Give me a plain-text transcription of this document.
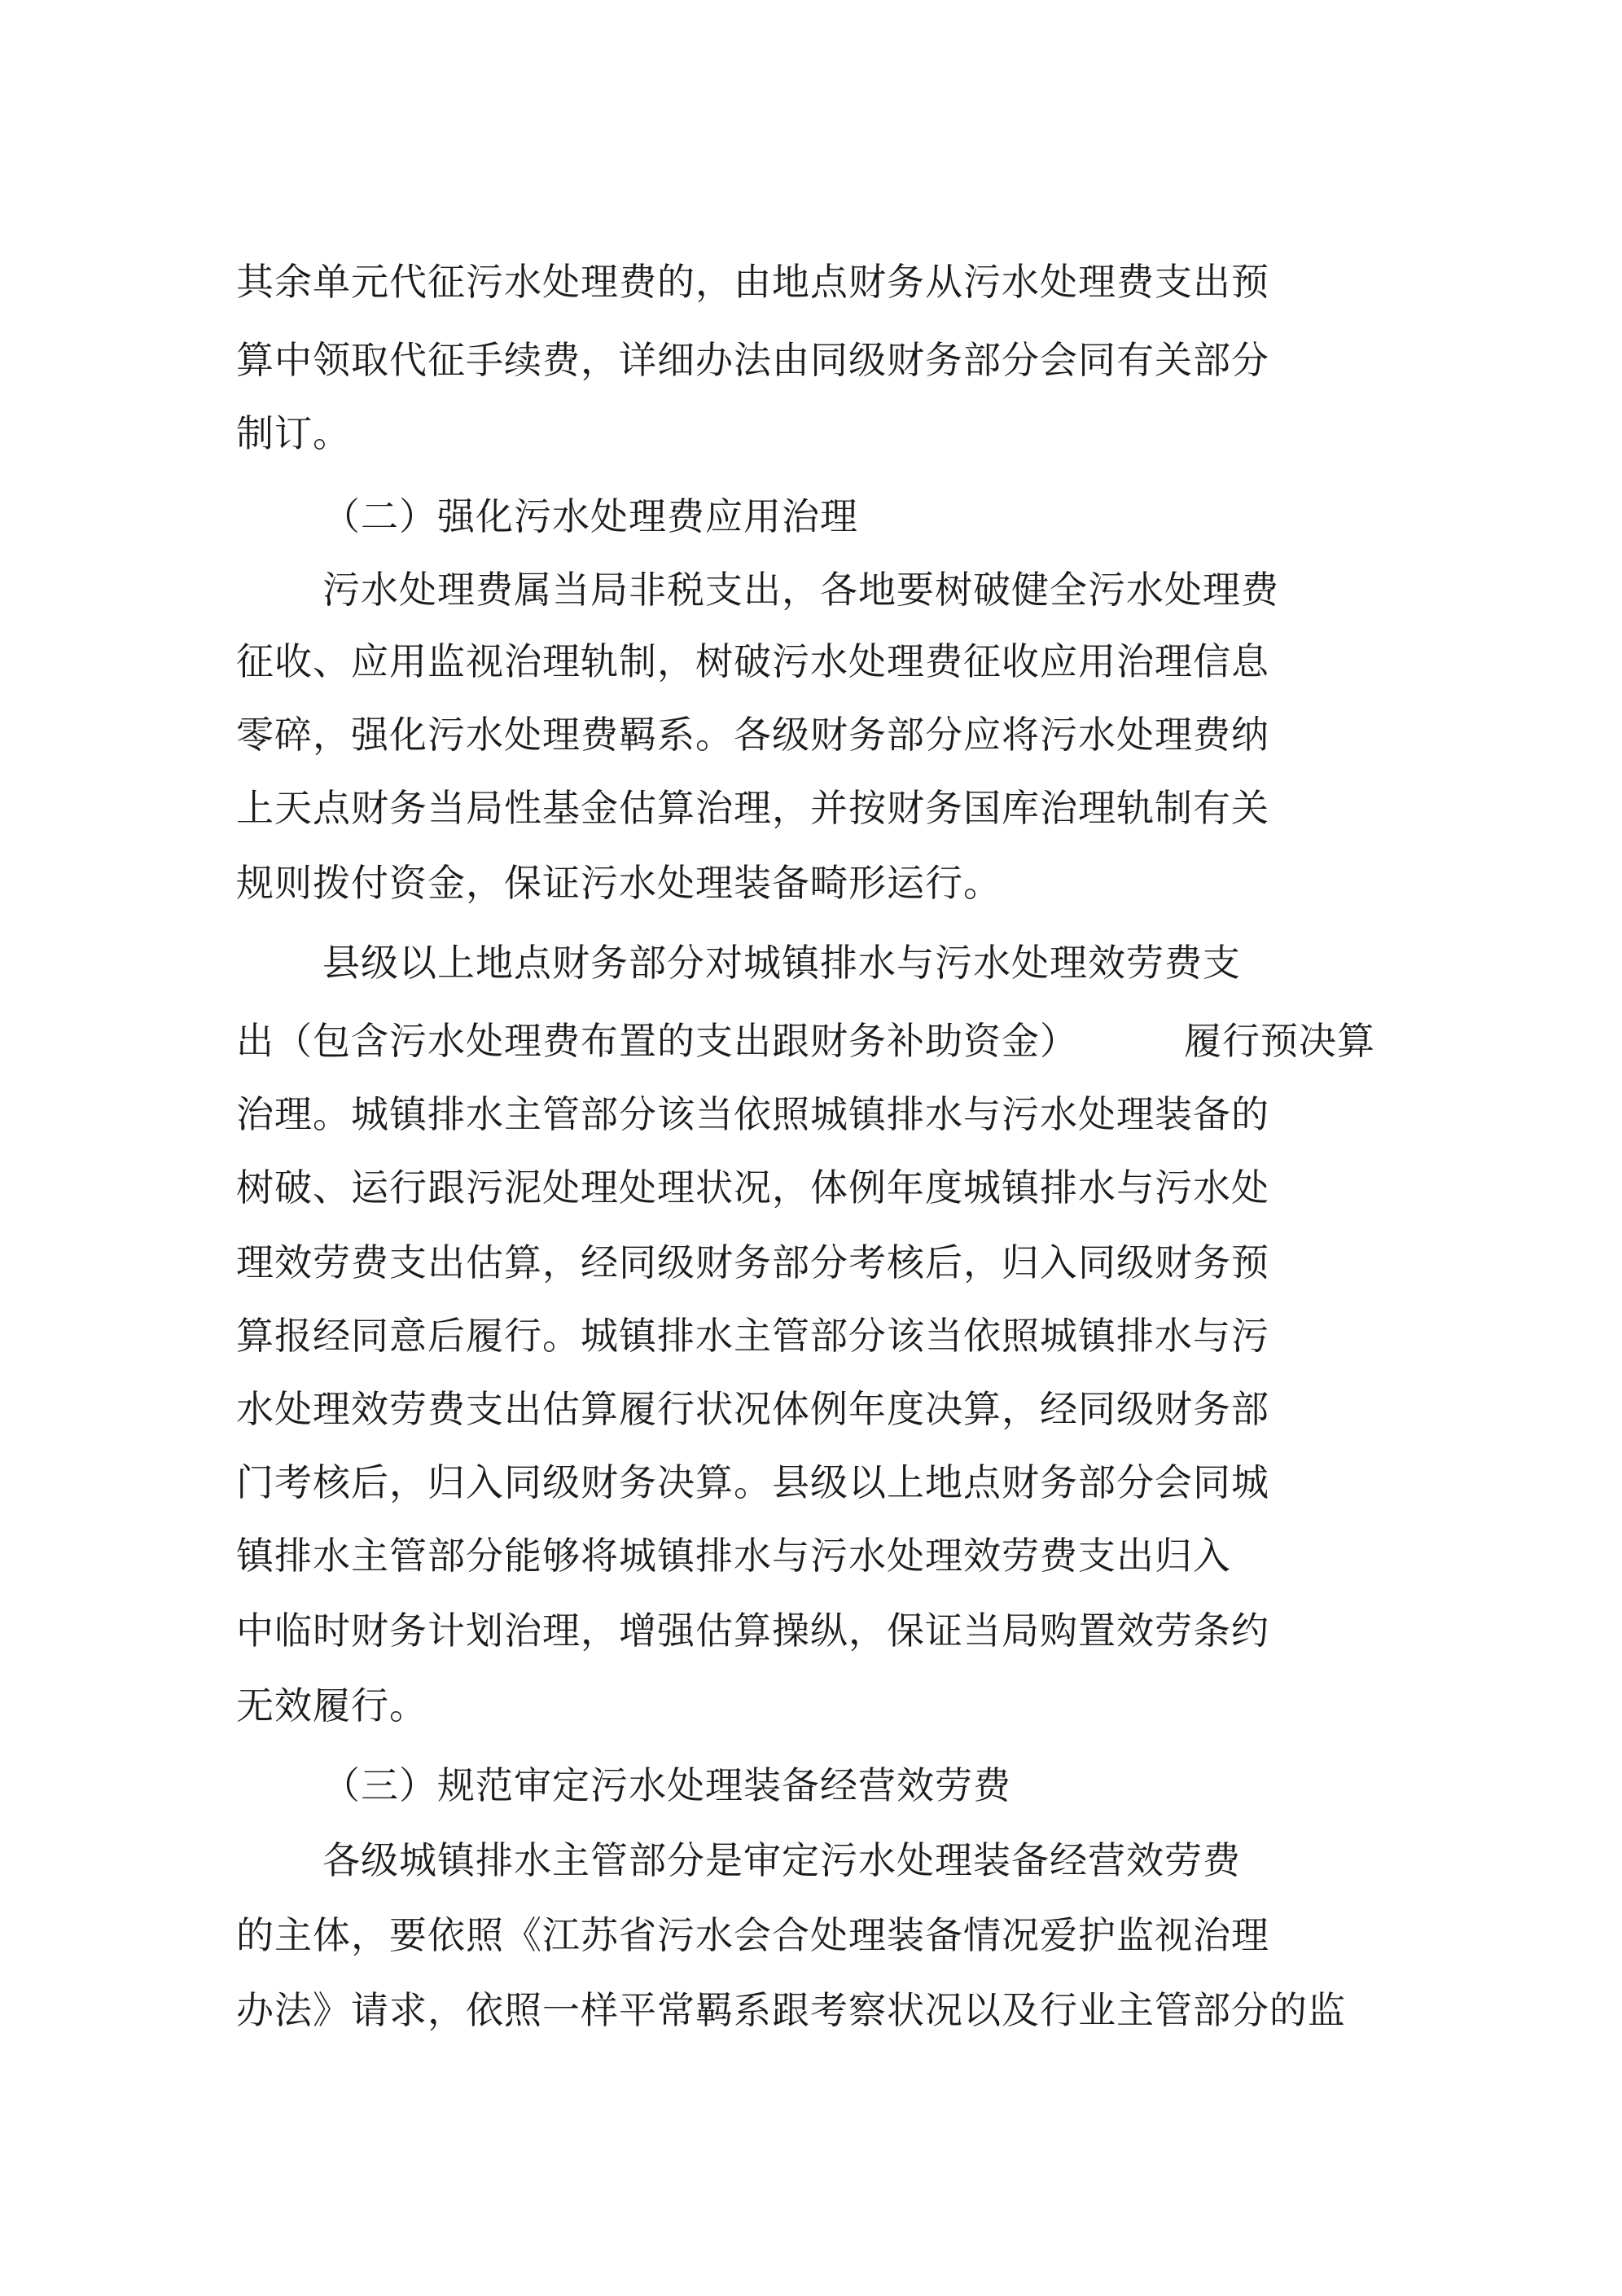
其余单元代征污水处理费的，由地点财务从污水处理费支出预
算中领取代征手续费，详细办法由同级财务部分会同有关部分
制订。
（二）强化污水处理费应用治理
污水处理费属当局非税支出，各地要树破健全污水处理费
征收、应用监视治理轨制，树破污水处理费征收应用治理信息
零碎，强化污水处理费羁系。各级财务部分应将污水处理费纳
上天点财务当局性基金估算治理，并按财务国库治理轨制有关
规则拨付资金，保证污水处理装备畸形运行。
县级以上地点财务部分对城镇排水与污水处理效劳费支
出（包含污水处理费布置的支出跟财务补助资金）	履行预决算
治理。城镇排水主管部分该当依照城镇排水与污水处理装备的
树破、运行跟污泥处理处理状况，体例年度城镇排水与污水处
理效劳费支出估算，经同级财务部分考核后，归入同级财务预
算报经同意后履行。城镇排水主管部分该当依照城镇排水与污
水处理效劳费支出估算履行状况体例年度决算，经同级财务部
门考核后，归入同级财务决算。县级以上地点财务部分会同城
镇排水主管部分能够将城镇排水与污水处理效劳费支出归入
中临时财务计划治理，增强估算操纵，保证当局购置效劳条约
无效履行。
（三）规范审定污水处理装备经营效劳费
各级城镇排水主管部分是审定污水处理装备经营效劳费
的主体，要依照《江苏省污水会合处理装备情况爱护监视治理
办法》请求，依照一样平常羁系跟考察状况以及行业主管部分的监
